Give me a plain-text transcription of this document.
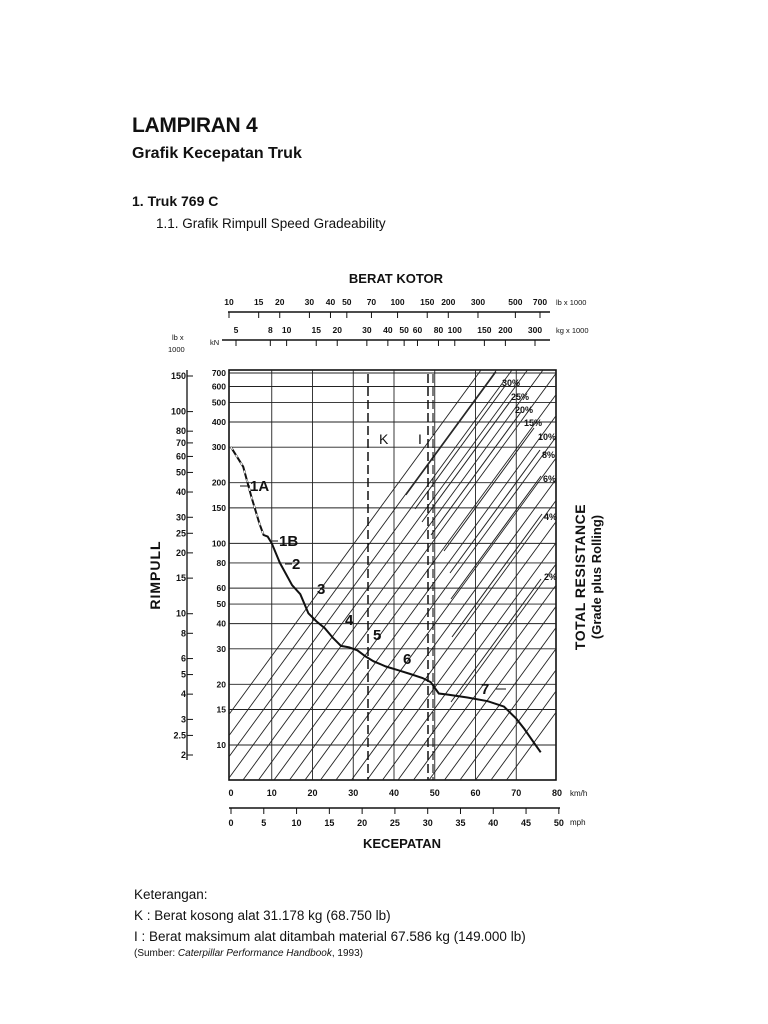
LAMPIRAN 4
Grafik Kecepatan Truk
1. Truk 769 C
1.1. Grafik Rimpull Speed Gradeability
30%
25%
20%
15%
10%
8%
6%
4%
2%
K I
BERAT KOTOR
10 15 20 30 40 50 70 100 150 200 300	500 700 lb x 1000
5	8 10 15 20 30 40 50 60 80 100 150 200 300 kg x 1000
lb x
1000
kN
150
100
80
70
60
50
40
30
25
20
15
10
8
6
5
4
3
2.5
2
700
600
500
400
300
200
150
100
80
60
50
40
30
20
15
10
RIMPULL	TOTAL RESISTANCE (Grade plus Rolling)
0	10	20	30	40	50	60	70	80 km/h
0	5	10	15	20	25	30	35	40	45	50 mph
KECEPATAN
1A
1B
2
3
4
5
6
7
Keterangan:
K : Berat kosong alat 31.178 kg (68.750 lb)
I : Berat maksimum alat ditambah material 67.586 kg (149.000 lb)
(Sumber: Caterpillar Performance Handbook, 1993)
